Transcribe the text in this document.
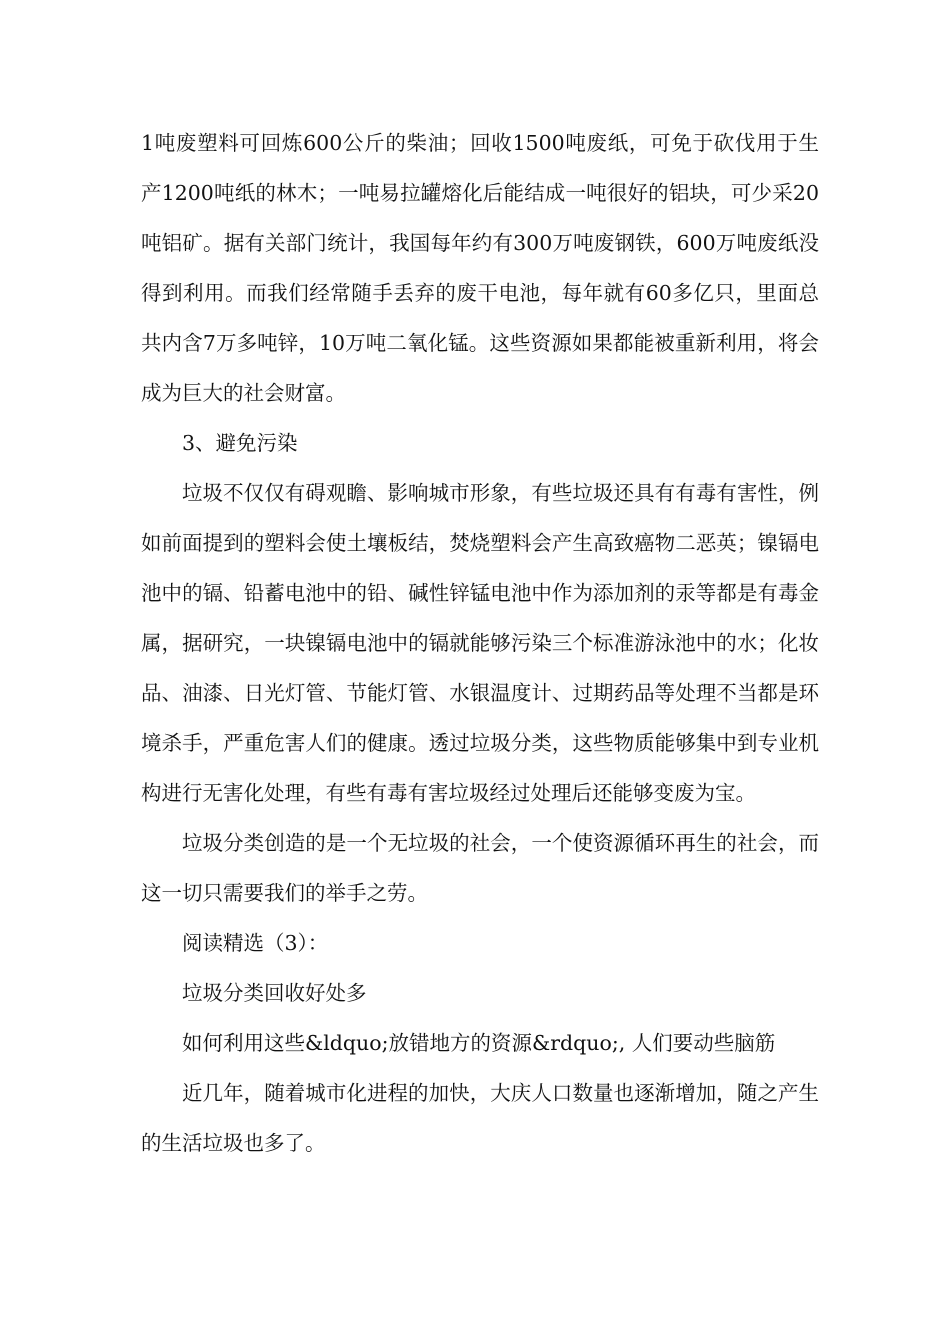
1吨废塑料可回炼600公斤的柴油；回收1500吨废纸，可免于砍伐用于生产1200吨纸的林木；一吨易拉罐熔化后能结成一吨很好的铝块，可少采20吨铝矿。据有关部门统计，我国每年约有300万吨废钢铁，600万吨废纸没得到利用。而我们经常随手丢弃的废干电池，每年就有60多亿只，里面总共内含7万多吨锌，10万吨二氧化锰。这些资源如果都能被重新利用，将会成为巨大的社会财富。

3、避免污染

垃圾不仅仅有碍观瞻、影响城市形象，有些垃圾还具有有毒有害性，例如前面提到的塑料会使土壤板结，焚烧塑料会产生高致癌物二恶英；镍镉电池中的镉、铅蓄电池中的铅、碱性锌锰电池中作为添加剂的汞等都是有毒金属，据研究，一块镍镉电池中的镉就能够污染三个标准游泳池中的水；化妆品、油漆、日光灯管、节能灯管、水银温度计、过期药品等处理不当都是环境杀手，严重危害人们的健康。透过垃圾分类，这些物质能够集中到专业机构进行无害化处理，有些有毒有害垃圾经过处理后还能够变废为宝。

垃圾分类创造的是一个无垃圾的社会，一个使资源循环再生的社会，而这一切只需要我们的举手之劳。

阅读精选（3）：

垃圾分类回收好处多

如何利用这些&ldquo;放错地方的资源&rdquo;, 人们要动些脑筋

近几年，随着城市化进程的加快，大庆人口数量也逐渐增加，随之产生的生活垃圾也多了。
